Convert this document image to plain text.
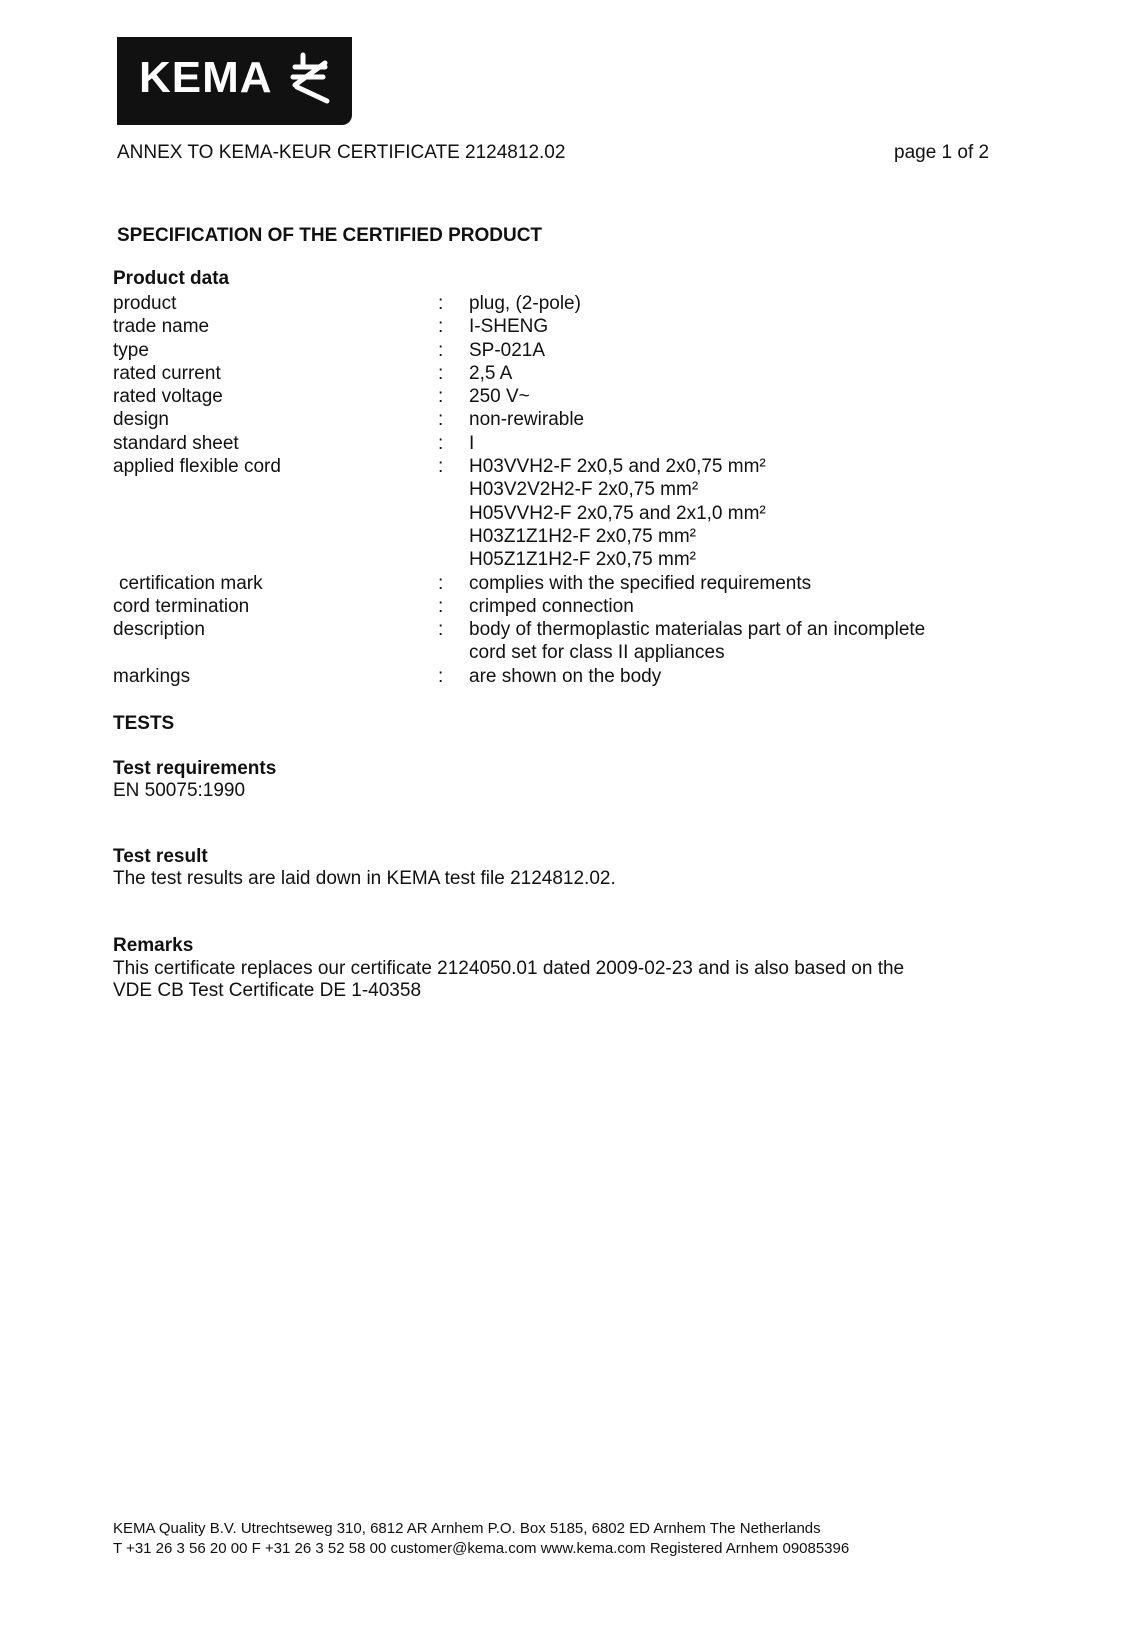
KEMA
ANNEX TO KEMA-KEUR CERTIFICATE 2124812.02	page 1 of 2
SPECIFICATION OF THE CERTIFIED PRODUCT
Product data
product	:	plug, (2-pole)
trade name	:	I-SHENG
type	:	SP-021A
rated current	:	2,5 A
rated voltage	:	250 V~
design	:	non-rewirable
standard sheet	:	I
applied flexible cord	:	H03VVH2-F 2x0,5 and 2x0,75 mm²
H03V2V2H2-F 2x0,75 mm²
H05VVH2-F 2x0,75 and 2x1,0 mm²
H03Z1Z1H2-F 2x0,75 mm²
H05Z1Z1H2-F 2x0,75 mm²
certification mark	:	complies with the specified requirements
cord termination	:	crimped connection
description	:	body of thermoplastic materialas part of an incomplete
cord set for class II appliances
markings	:	are shown on the body
TESTS
Test requirements
EN 50075:1990
Test result
The test results are laid down in KEMA test file 2124812.02.
Remarks
This certificate replaces our certificate 2124050.01 dated 2009-02-23 and is also based on the
VDE CB Test Certificate DE 1-40358
KEMA Quality B.V. Utrechtseweg 310, 6812 AR Arnhem P.O. Box 5185, 6802 ED Arnhem The Netherlands
T +31 26 3 56 20 00 F +31 26 3 52 58 00 customer@kema.com www.kema.com Registered Arnhem 09085396
